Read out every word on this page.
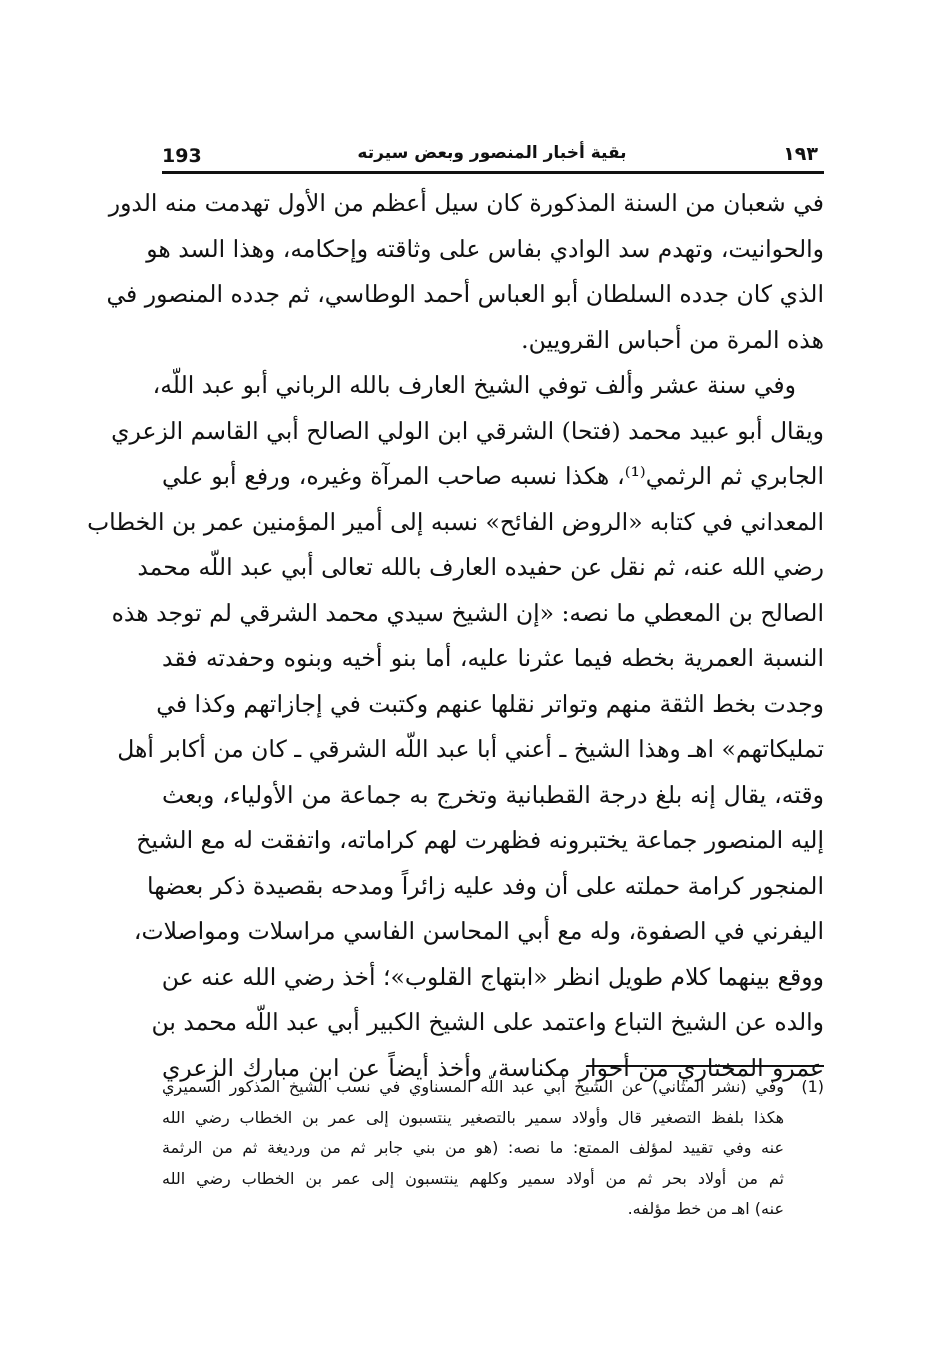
193	بقية أخبار المنصور وبعض سيرته	١٩٣
في شعبان من السنة المذكورة كان سيل أعظم من الأول تهدمت منه الدور
والحوانيت، وتهدم سد الوادي بفاس على وثاقته وإحكامه، وهذا السد هو
الذي كان جدده السلطان أبو العباس أحمد الوطاسي، ثم جدده المنصور في
هذه المرة من أحباس القرويين.
وفي سنة عشر وألف توفي الشيخ العارف بالله الرباني أبو عبد اللّه،
ويقال أبو عبيد محمد (فتحا) الشرقي ابن الولي الصالح أبي القاسم الزعري
الجابري ثم الرثمي⁽¹⁾، هكذا نسبه صاحب المرآة وغيره، ورفع أبو علي
المعداني في كتابه «الروض الفائح» نسبه إلى أمير المؤمنين عمر بن الخطاب
رضي الله عنه، ثم نقل عن حفيده العارف بالله تعالى أبي عبد اللّه محمد
الصالح بن المعطي ما نصه: «إن الشيخ سيدي محمد الشرقي لم توجد هذه
النسبة العمرية بخطه فيما عثرنا عليه، أما بنو أخيه وبنوه وحفدته فقد
وجدت بخط الثقة منهم وتواتر نقلها عنهم وكتبت في إجازاتهم وكذا في
تمليكاتهم» اهـ وهذا الشيخ ـ أعني أبا عبد اللّه الشرقي ـ كان من أكابر أهل
وقته، يقال إنه بلغ درجة القطبانية وتخرج به جماعة من الأولياء، وبعث
إليه المنصور جماعة يختبرونه فظهرت لهم كراماته، واتفقت له مع الشيخ
المنجور كرامة حملته على أن وفد عليه زائراً ومدحه بقصيدة ذكر بعضها
اليفرني في الصفوة، وله مع أبي المحاسن الفاسي مراسلات ومواصلات،
ووقع بينهما كلام طويل انظر «ابتهاج القلوب»؛ أخذ رضي الله عنه عن
والده عن الشيخ التباع واعتمد على الشيخ الكبير أبي عبد اللّه محمد بن
عمرو المختاري من أحواز مكناسة، وأخذ أيضاً عن ابن مبارك الزعري
(1)
وفي (نشر المثاني) عن الشيخ أبي عبد اللّه المسناوي في نسب الشيخ المذكور السميري
هكذا بلفظ التصغير قال وأولاد سمير بالتصغير ينتسبون إلى عمر بن الخطاب رضي الله
عنه وفي تقييد لمؤلف الممتع: ما نصه: (هو من بني جابر ثم من ورديغة ثم من الرثمة
ثم من أولاد بحر ثم من أولاد سمير وكلهم ينتسبون إلى عمر بن الخطاب رضي الله
عنه) اهـ من خط مؤلفه.
